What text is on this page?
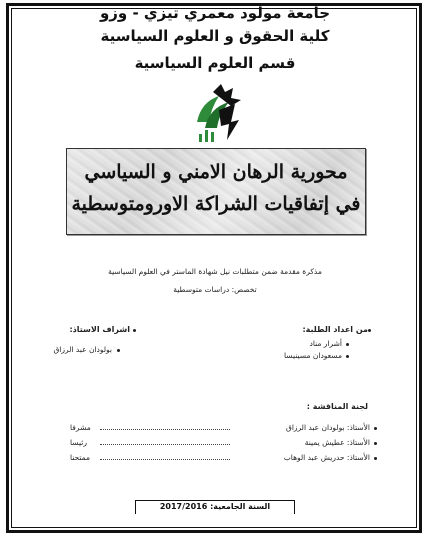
جامعة مولود معمري تيزي - وزو
كلية الحقوق و العلوم السياسية
قسم العلوم السياسية
محورية الرهان الامني و السياسي
في إتفاقيات الشراكة الاورومتوسطية
مذكرة مقدمة ضمن متطلبات نيل شهادة الماستر في العلوم السياسية
تخصص: دراسات متوسطية
من اعداد الطلبة:
أشرار مناد
مسعودان مسينيسا
اشراف الاستاذ:
بولودان عبد الرزاق
لجنة المناقشة :
الأستاذ: بولودان عبد الرزاق
مشرفا
الأستاذ: عطيش يمينة
رئيسا
الأستاذ: حدريش عبد الوهاب
ممتحنا
السنة الجامعية: 2017/2016
